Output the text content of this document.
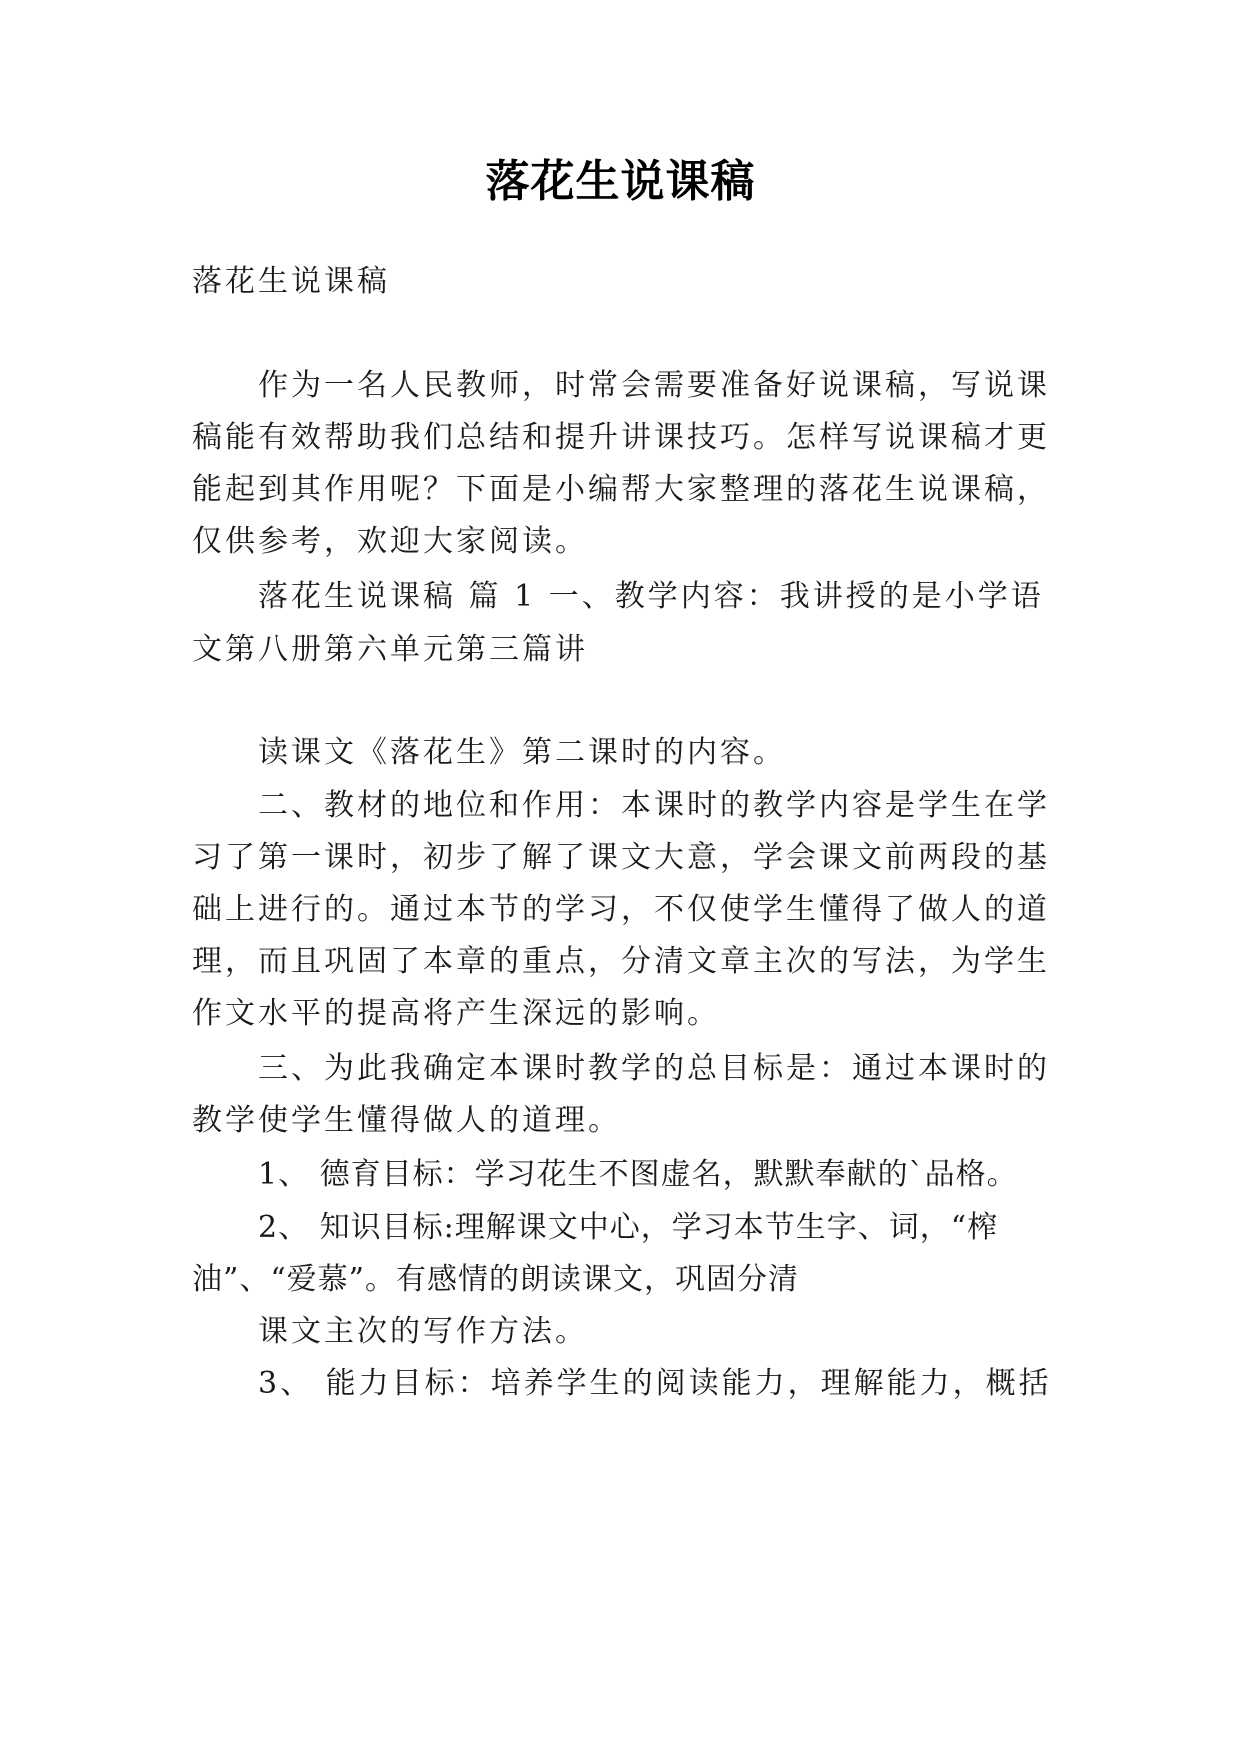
落花生说课稿
落花生说课稿
作为一名人民教师，时常会需要准备好说课稿，写说课
稿能有效帮助我们总结和提升讲课技巧。怎样写说课稿才更
能起到其作用呢？下面是小编帮大家整理的落花生说课稿，
仅供参考，欢迎大家阅读。
落花生说课稿 篇 1 一、教学内容：我讲授的是小学语
文第八册第六单元第三篇讲
读课文《落花生》第二课时的内容。
二、教材的地位和作用：本课时的教学内容是学生在学
习了第一课时，初步了解了课文大意，学会课文前两段的基
础上进行的。通过本节的学习，不仅使学生懂得了做人的道
理，而且巩固了本章的重点，分清文章主次的写法，为学生
作文水平的提高将产生深远的影响。
三、为此我确定本课时教学的总目标是：通过本课时的
教学使学生懂得做人的道理。
1、 德育目标：学习花生不图虚名，默默奉献的`品格。
2、 知识目标:理解课文中心，学习本节生字、词，“榨
油”、“爱慕”。有感情的朗读课文，巩固分清
课文主次的写作方法。
3、 能力目标：培养学生的阅读能力，理解能力，概括
